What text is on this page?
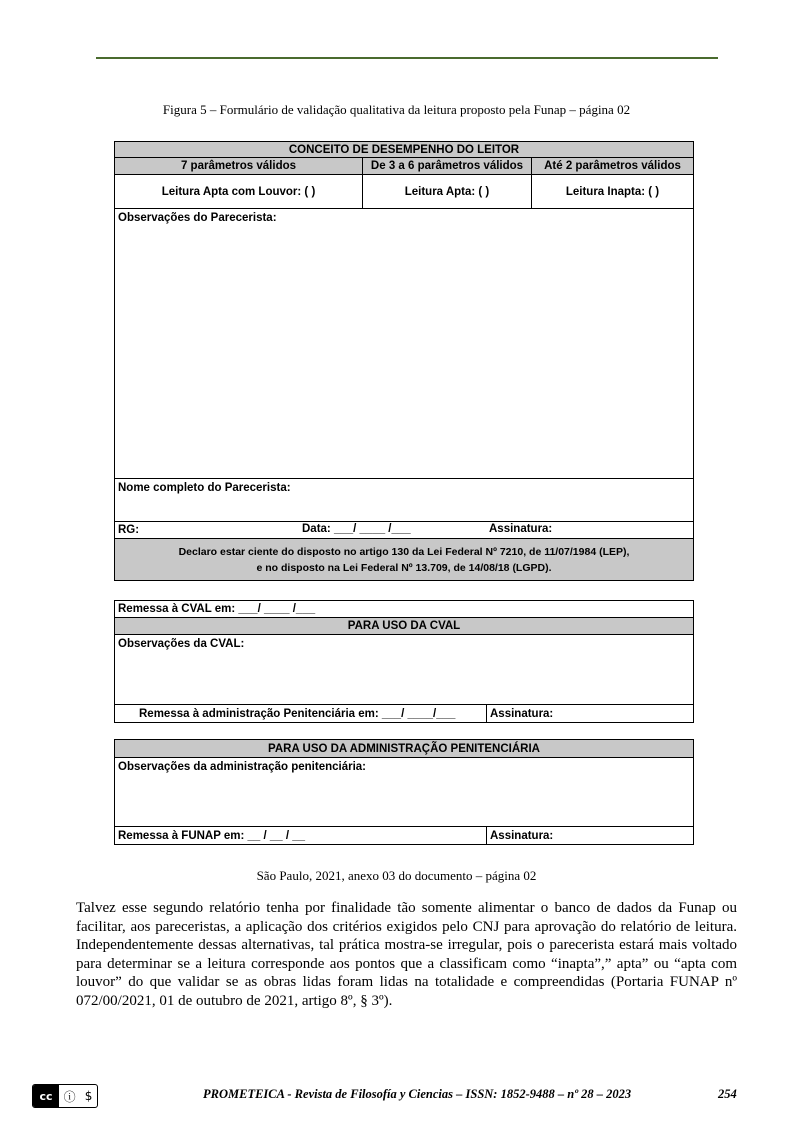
Figura 5 – Formulário de validação qualitativa da leitura proposto pela Funap – página 02
CONCEITO DE DESEMPENHO DO LEITOR		
7 parâmetros válidos	De 3 a 6 parâmetros válidos	Até 2 parâmetros válidos
Leitura Apta com Louvor: ( )	Leitura Apta: ( )	Leitura Inapta: ( )
Observações do Parecerista:		
Nome completo do Parecerista:		
RG: Data: ___/ ____ /___ Assinatura:		

Declaro estar ciente do disposto no artigo 130 da Lei Federal Nº 7210, de 11/07/1984 (LEP),
e no disposto na Lei Federal Nº 13.709, de 14/08/18 (LGPD).		
Remessa à CVAL em: ___/ ____ /___
PARA USO DA CVAL
Observações da CVAL:
Remessa à administração Penitenciária em: ___/ ____/___	Assinatura:
PARA USO DA ADMINISTRAÇÃO PENITENCIÁRIA
Observações da administração penitenciária:
Remessa à FUNAP em: __ / __ / __	Assinatura:
São Paulo, 2021, anexo 03 do documento – página 02

Talvez esse segundo relatório tenha por finalidade tão somente alimentar o banco de dados da Funap ou facilitar, aos pareceristas, a aplicação dos critérios exigidos pelo CNJ para aprovação do relatório de leitura. Independentemente dessas alternativas, tal prática mostra-se irregular, pois o parecerista estará mais voltado para determinar se a leitura corresponde aos pontos que a classificam como “inapta”,” apta” ou “apta com louvor” do que validar se as obras lidas foram lidas na totalidade e compreendidas (Portaria FUNAP nº 072/00/2021, 01 de outubro de 2021, artigo 8º, § 3º).

cc ⓘ $	PROMETEICA - Revista de Filosofía y Ciencias – ISSN: 1852-9488 – nº 28 – 2023	254
